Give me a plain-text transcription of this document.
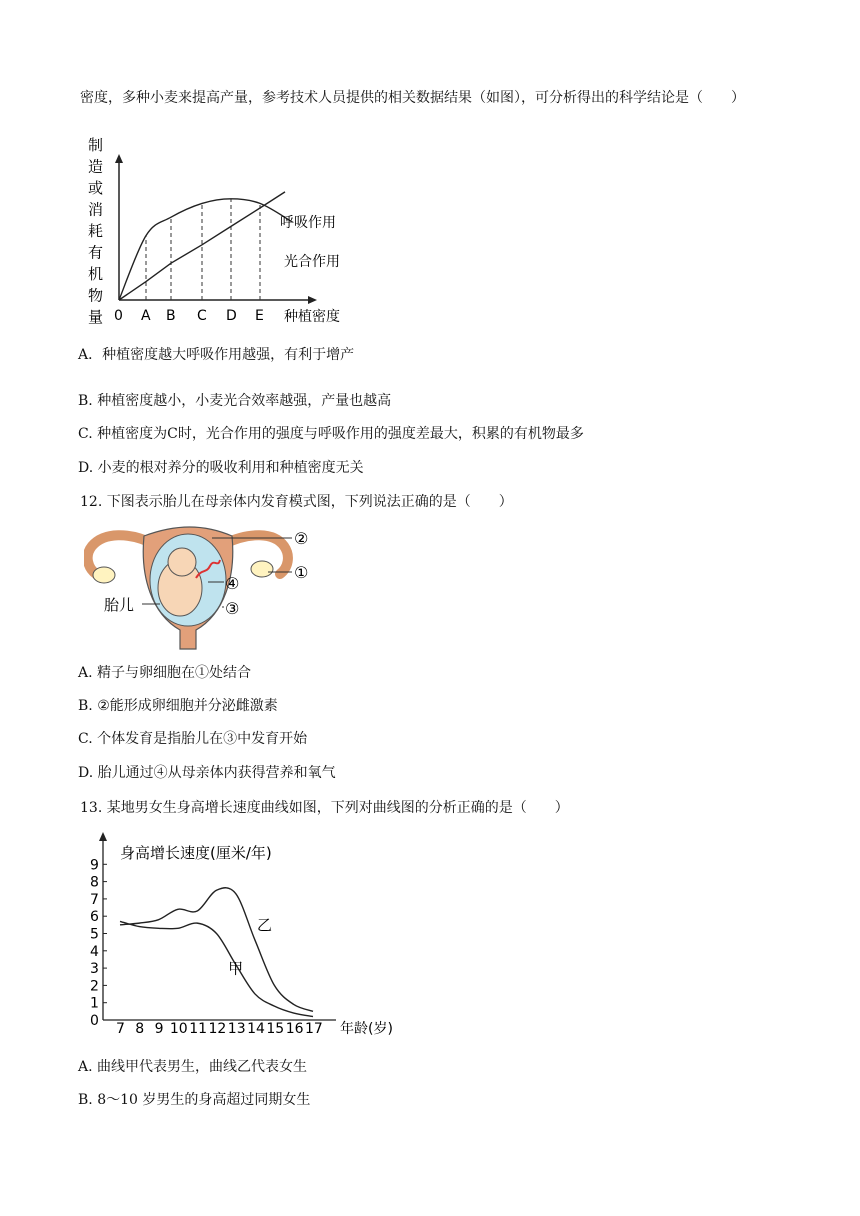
密度，多种小麦来提高产量，参考技术人员提供的相关数据结果（如图），可分析得出的科学结论是（　　）
制
造
或
消
耗
有
机
物
量 0 A B C D E 种植密度
呼吸作用
光合作用
A．种植密度越大呼吸作用越强，有利于增产
B. 种植密度越小，小麦光合效率越强，产量也越高
C. 种植密度为C时，光合作用的强度与呼吸作用的强度差最大，积累的有机物最多
D. 小麦的根对养分的吸收利用和种植密度无关
12. 下图表示胎儿在母亲体内发育模式图，下列说法正确的是（　　）
胎儿
②
①
④
③
A. 精子与卵细胞在①处结合
B. ②能形成卵细胞并分泌雌激素
C. 个体发育是指胎儿在③中发育开始
D. 胎儿通过④从母亲体内获得营养和氧气
13. 某地男女生身高增长速度曲线如图，下列对曲线图的分析正确的是（　　）
0
1
2
3
4
5
6
7
8
9
7 8 9 10 11 12 13 14 15 16 17
甲
乙
身高增长速度(厘米/年)
年龄(岁)
A. 曲线甲代表男生，曲线乙代表女生
B. 8～10 岁男生的身高超过同期女生
